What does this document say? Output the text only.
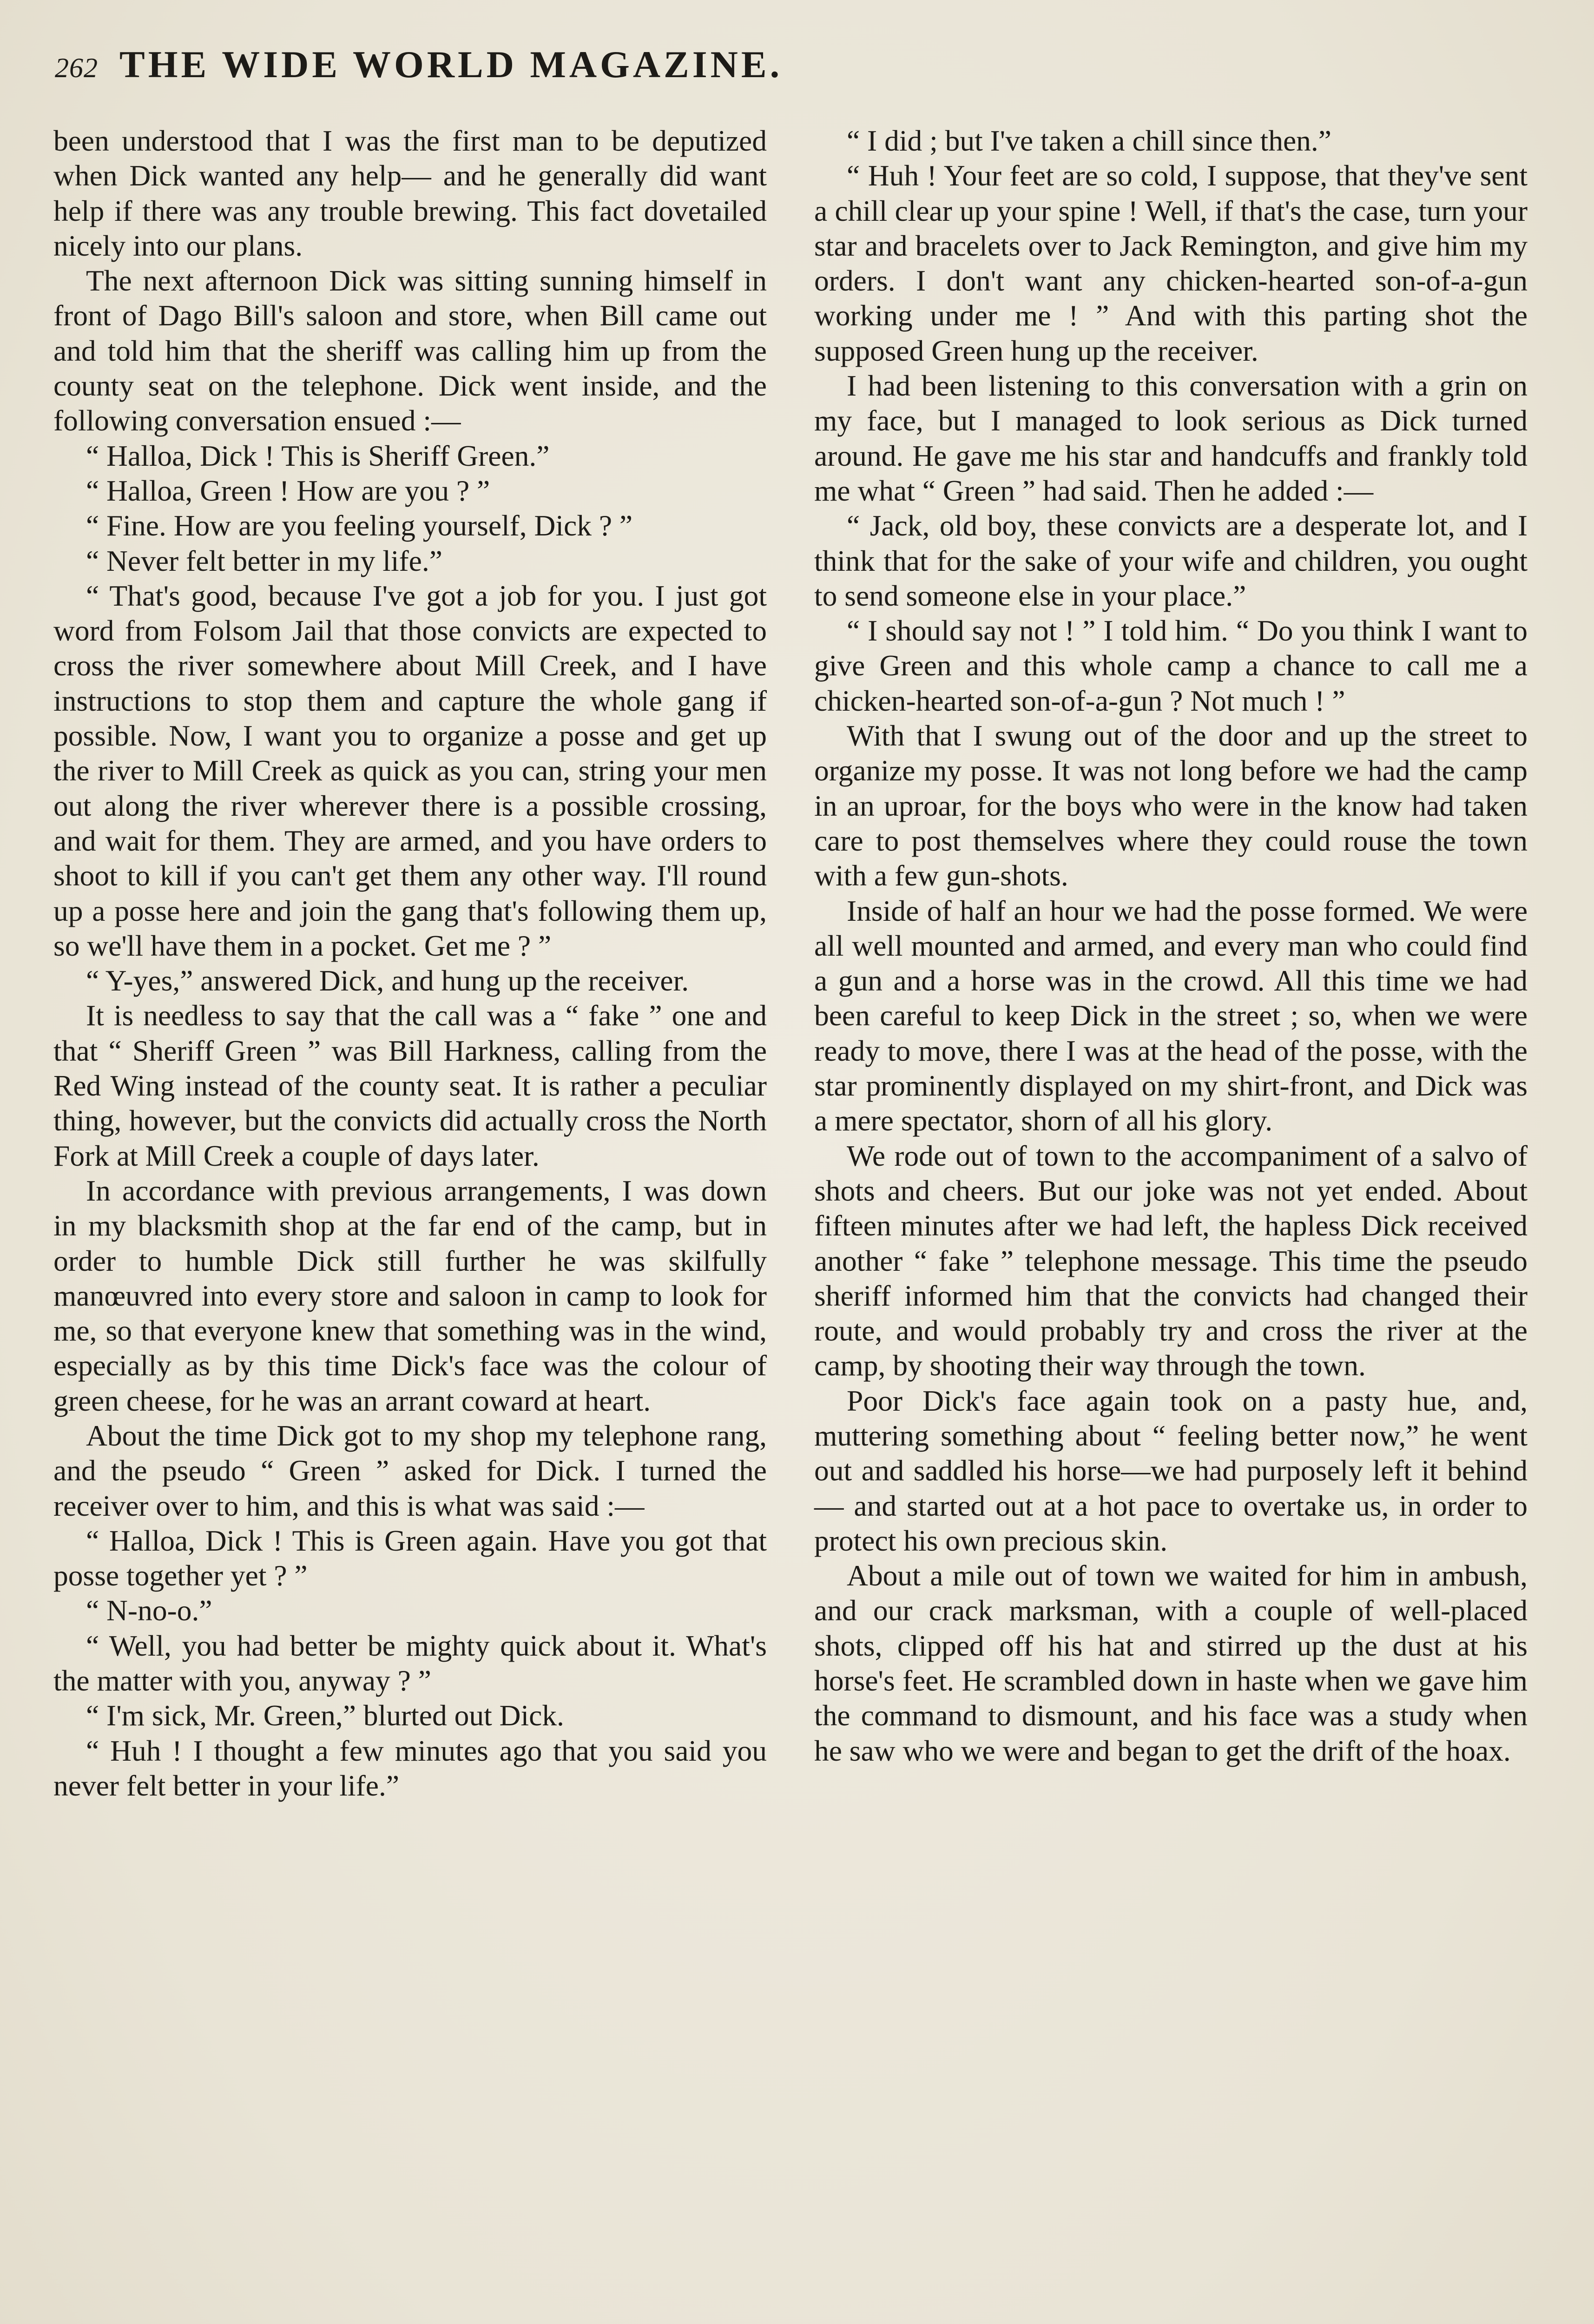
262 THE WIDE WORLD MAGAZINE.

been understood that I was the first man to be deputized when Dick wanted any help— and he generally did want help if there was any trouble brewing. This fact dovetailed nicely into our plans.

The next afternoon Dick was sitting sunning himself in front of Dago Bill's saloon and store, when Bill came out and told him that the sheriff was calling him up from the county seat on the telephone. Dick went inside, and the following conversation ensued :—

“ Halloa, Dick ! This is Sheriff Green.”

“ Halloa, Green ! How are you ? ”

“ Fine. How are you feeling yourself, Dick ? ”

“ Never felt better in my life.”

“ That's good, because I've got a job for you. I just got word from Folsom Jail that those convicts are expected to cross the river somewhere about Mill Creek, and I have instructions to stop them and capture the whole gang if possible. Now, I want you to organize a posse and get up the river to Mill Creek as quick as you can, string your men out along the river wherever there is a possible crossing, and wait for them. They are armed, and you have orders to shoot to kill if you can't get them any other way. I'll round up a posse here and join the gang that's following them up, so we'll have them in a pocket. Get me ? ”

“ Y-yes,” answered Dick, and hung up the receiver.

It is needless to say that the call was a “ fake ” one and that “ Sheriff Green ” was Bill Harkness, calling from the Red Wing instead of the county seat. It is rather a peculiar thing, however, but the convicts did actually cross the North Fork at Mill Creek a couple of days later.

In accordance with previous arrangements, I was down in my blacksmith shop at the far end of the camp, but in order to humble Dick still further he was skilfully manœuvred into every store and saloon in camp to look for me, so that everyone knew that something was in the wind, especially as by this time Dick's face was the colour of green cheese, for he was an arrant coward at heart.

About the time Dick got to my shop my telephone rang, and the pseudo “ Green ” asked for Dick. I turned the receiver over to him, and this is what was said :—

“ Halloa, Dick ! This is Green again. Have you got that posse together yet ? ”

“ N-no-o.”

“ Well, you had better be mighty quick about it. What's the matter with you, anyway ? ”

“ I'm sick, Mr. Green,” blurted out Dick.

“ Huh ! I thought a few minutes ago that you said you never felt better in your life.”

“ I did ; but I've taken a chill since then.”

“ Huh ! Your feet are so cold, I suppose, that they've sent a chill clear up your spine ! Well, if that's the case, turn your star and bracelets over to Jack Remington, and give him my orders. I don't want any chicken-hearted son-of-a-gun working under me ! ” And with this parting shot the supposed Green hung up the receiver.

I had been listening to this conversation with a grin on my face, but I managed to look serious as Dick turned around. He gave me his star and handcuffs and frankly told me what “ Green ” had said. Then he added :—

“ Jack, old boy, these convicts are a desperate lot, and I think that for the sake of your wife and children, you ought to send someone else in your place.”

“ I should say not ! ” I told him. “ Do you think I want to give Green and this whole camp a chance to call me a chicken-hearted son-of-a-gun ? Not much ! ”

With that I swung out of the door and up the street to organize my posse. It was not long before we had the camp in an uproar, for the boys who were in the know had taken care to post themselves where they could rouse the town with a few gun-shots.

Inside of half an hour we had the posse formed. We were all well mounted and armed, and every man who could find a gun and a horse was in the crowd. All this time we had been careful to keep Dick in the street ; so, when we were ready to move, there I was at the head of the posse, with the star prominently displayed on my shirt-front, and Dick was a mere spectator, shorn of all his glory.

We rode out of town to the accompaniment of a salvo of shots and cheers. But our joke was not yet ended. About fifteen minutes after we had left, the hapless Dick received another “ fake ” telephone message. This time the pseudo sheriff informed him that the convicts had changed their route, and would probably try and cross the river at the camp, by shooting their way through the town.

Poor Dick's face again took on a pasty hue, and, muttering something about “ feeling better now,” he went out and saddled his horse—we had purposely left it behind— and started out at a hot pace to overtake us, in order to protect his own precious skin.

About a mile out of town we waited for him in ambush, and our crack marksman, with a couple of well-placed shots, clipped off his hat and stirred up the dust at his horse's feet. He scrambled down in haste when we gave him the command to dismount, and his face was a study when he saw who we were and began to get the drift of the hoax.
